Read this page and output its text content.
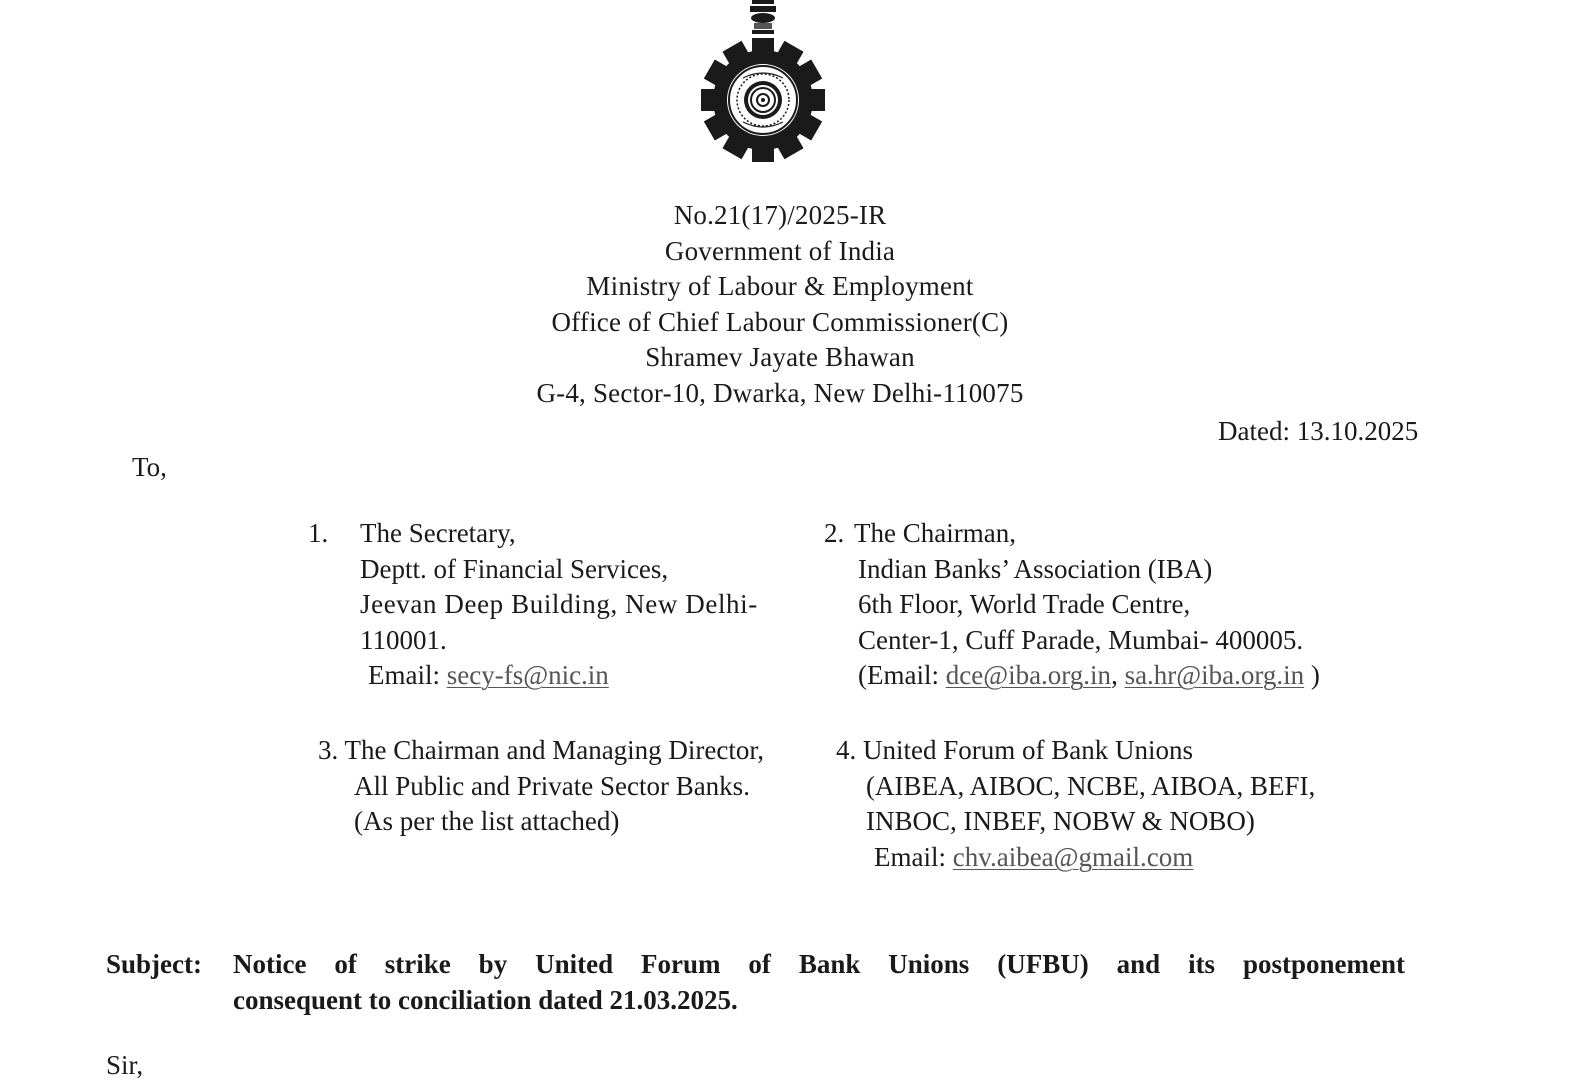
No.21(17)/2025-IR
Government of India
Ministry of Labour & Employment
Office of Chief Labour Commissioner(C)
Shramev Jayate Bhawan
G-4, Sector-10, Dwarka, New Delhi-110075
Dated: 13.10.2025
To,
1. The Secretary,
Deptt. of Financial Services,
Jeevan Deep Building, New Delhi-
110001.
Email: secy-fs@nic.in
2. The Chairman,
Indian Banks’ Association (IBA)
6th Floor, World Trade Centre,
Center-1, Cuff Parade, Mumbai- 400005.
(Email: dce@iba.org.in, sa.hr@iba.org.in )
3. The Chairman and Managing Director,
All Public and Private Sector Banks.
(As per the list attached)
4. United Forum of Bank Unions
(AIBEA, AIBOC, NCBE, AIBOA, BEFI,
INBOC, INBEF, NOBW & NOBO)
Email: chv.aibea@gmail.com
Subject: Notice of strike by United Forum of Bank Unions (UFBU) and its postponement
consequent to conciliation dated 21.03.2025.
Sir,
